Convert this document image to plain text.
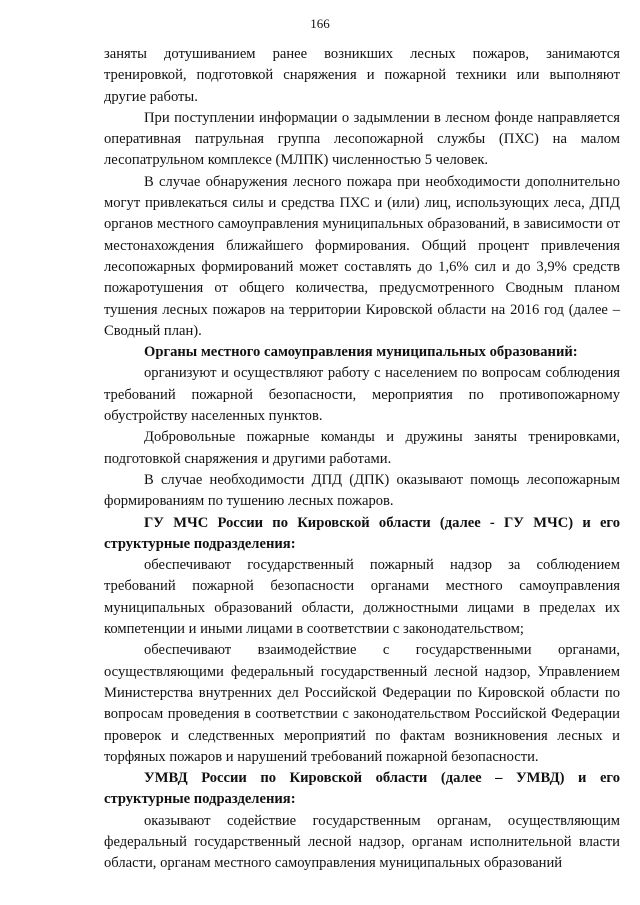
166

заняты дотушиванием ранее возникших лесных пожаров, занимаются тренировкой, подготовкой снаряжения и пожарной техники или выполняют другие работы.

При поступлении информации о задымлении в лесном фонде направляется оперативная патрульная группа лесопожарной службы (ПХС) на малом лесопатрульном комплексе (МЛПК) численностью 5 человек.

В случае обнаружения лесного пожара при необходимости дополнительно могут привлекаться силы и средства ПХС и (или) лиц, использующих леса, ДПД органов местного самоуправления муниципальных образований, в зависимости от местонахождения ближайшего формирования. Общий процент привлечения лесопожарных формирований может составлять до 1,6% сил и до 3,9% средств пожаротушения от общего количества, предусмотренного Сводным планом тушения лесных пожаров на территории Кировской области на 2016 год (далее – Сводный план).

Органы местного самоуправления муниципальных образований:

организуют и осуществляют работу с населением по вопросам соблюдения требований пожарной безопасности, мероприятия по противопожарному обустройству населенных пунктов.

Добровольные пожарные команды и дружины заняты тренировками, подготовкой снаряжения и другими работами.

В случае необходимости ДПД (ДПК) оказывают помощь лесопожарным формированиям по тушению лесных пожаров.

ГУ МЧС России по Кировской области (далее - ГУ МЧС) и его структурные подразделения:

обеспечивают государственный пожарный надзор за соблюдением требований пожарной безопасности органами местного самоуправления муниципальных образований области, должностными лицами в пределах их компетенции и иными лицами в соответствии с законодательством;

обеспечивают взаимодействие с государственными органами, осуществляющими федеральный государственный лесной надзор, Управлением Министерства внутренних дел Российской Федерации по Кировской области по вопросам проведения в соответствии с законодательством Российской Федерации проверок и следственных мероприятий по фактам возникновения лесных и торфяных пожаров и нарушений требований пожарной безопасности.

УМВД России по Кировской области (далее – УМВД) и его структурные подразделения:

оказывают содействие государственным органам, осуществляющим федеральный государственный лесной надзор, органам исполнительной власти области, органам местного самоуправления муниципальных образований
